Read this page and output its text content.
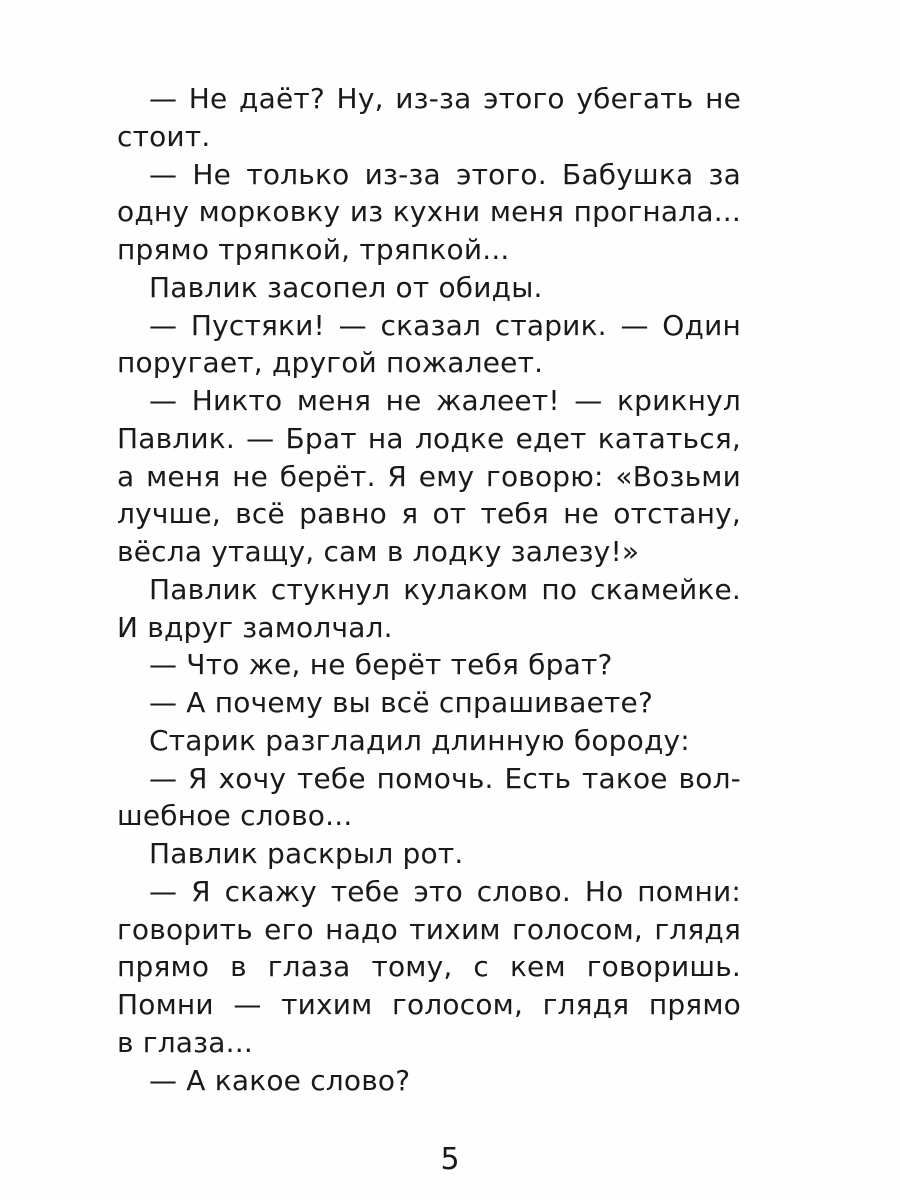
— Не даёт? Ну, из-за этого убегать не
стоит.
— Не только из-за этого. Бабушка за
одну морковку из кухни меня прогнала...
прямо тряпкой, тряпкой...
Павлик засопел от обиды.
— Пустяки! — сказал старик. — Один
поругает, другой пожалеет.
— Никто меня не жалеет! — крикнул
Павлик. — Брат на лодке едет кататься,
а меня не берёт. Я ему говорю: «Возьми
лучше, всё равно я от тебя не отстану,
вёсла утащу, сам в лодку залезу!»
Павлик стукнул кулаком по скамейке.
И вдруг замолчал.
— Что же, не берёт тебя брат?
— А почему вы всё спрашиваете?
Старик разгладил длинную бороду:
— Я хочу тебе помочь. Есть такое вол-
шебное слово...
Павлик раскрыл рот.
— Я скажу тебе это слово. Но помни:
говорить его надо тихим голосом, глядя
прямо в глаза тому, с кем говоришь.
Помни — тихим голосом, глядя прямо
в глаза...
— А какое слово?
5
